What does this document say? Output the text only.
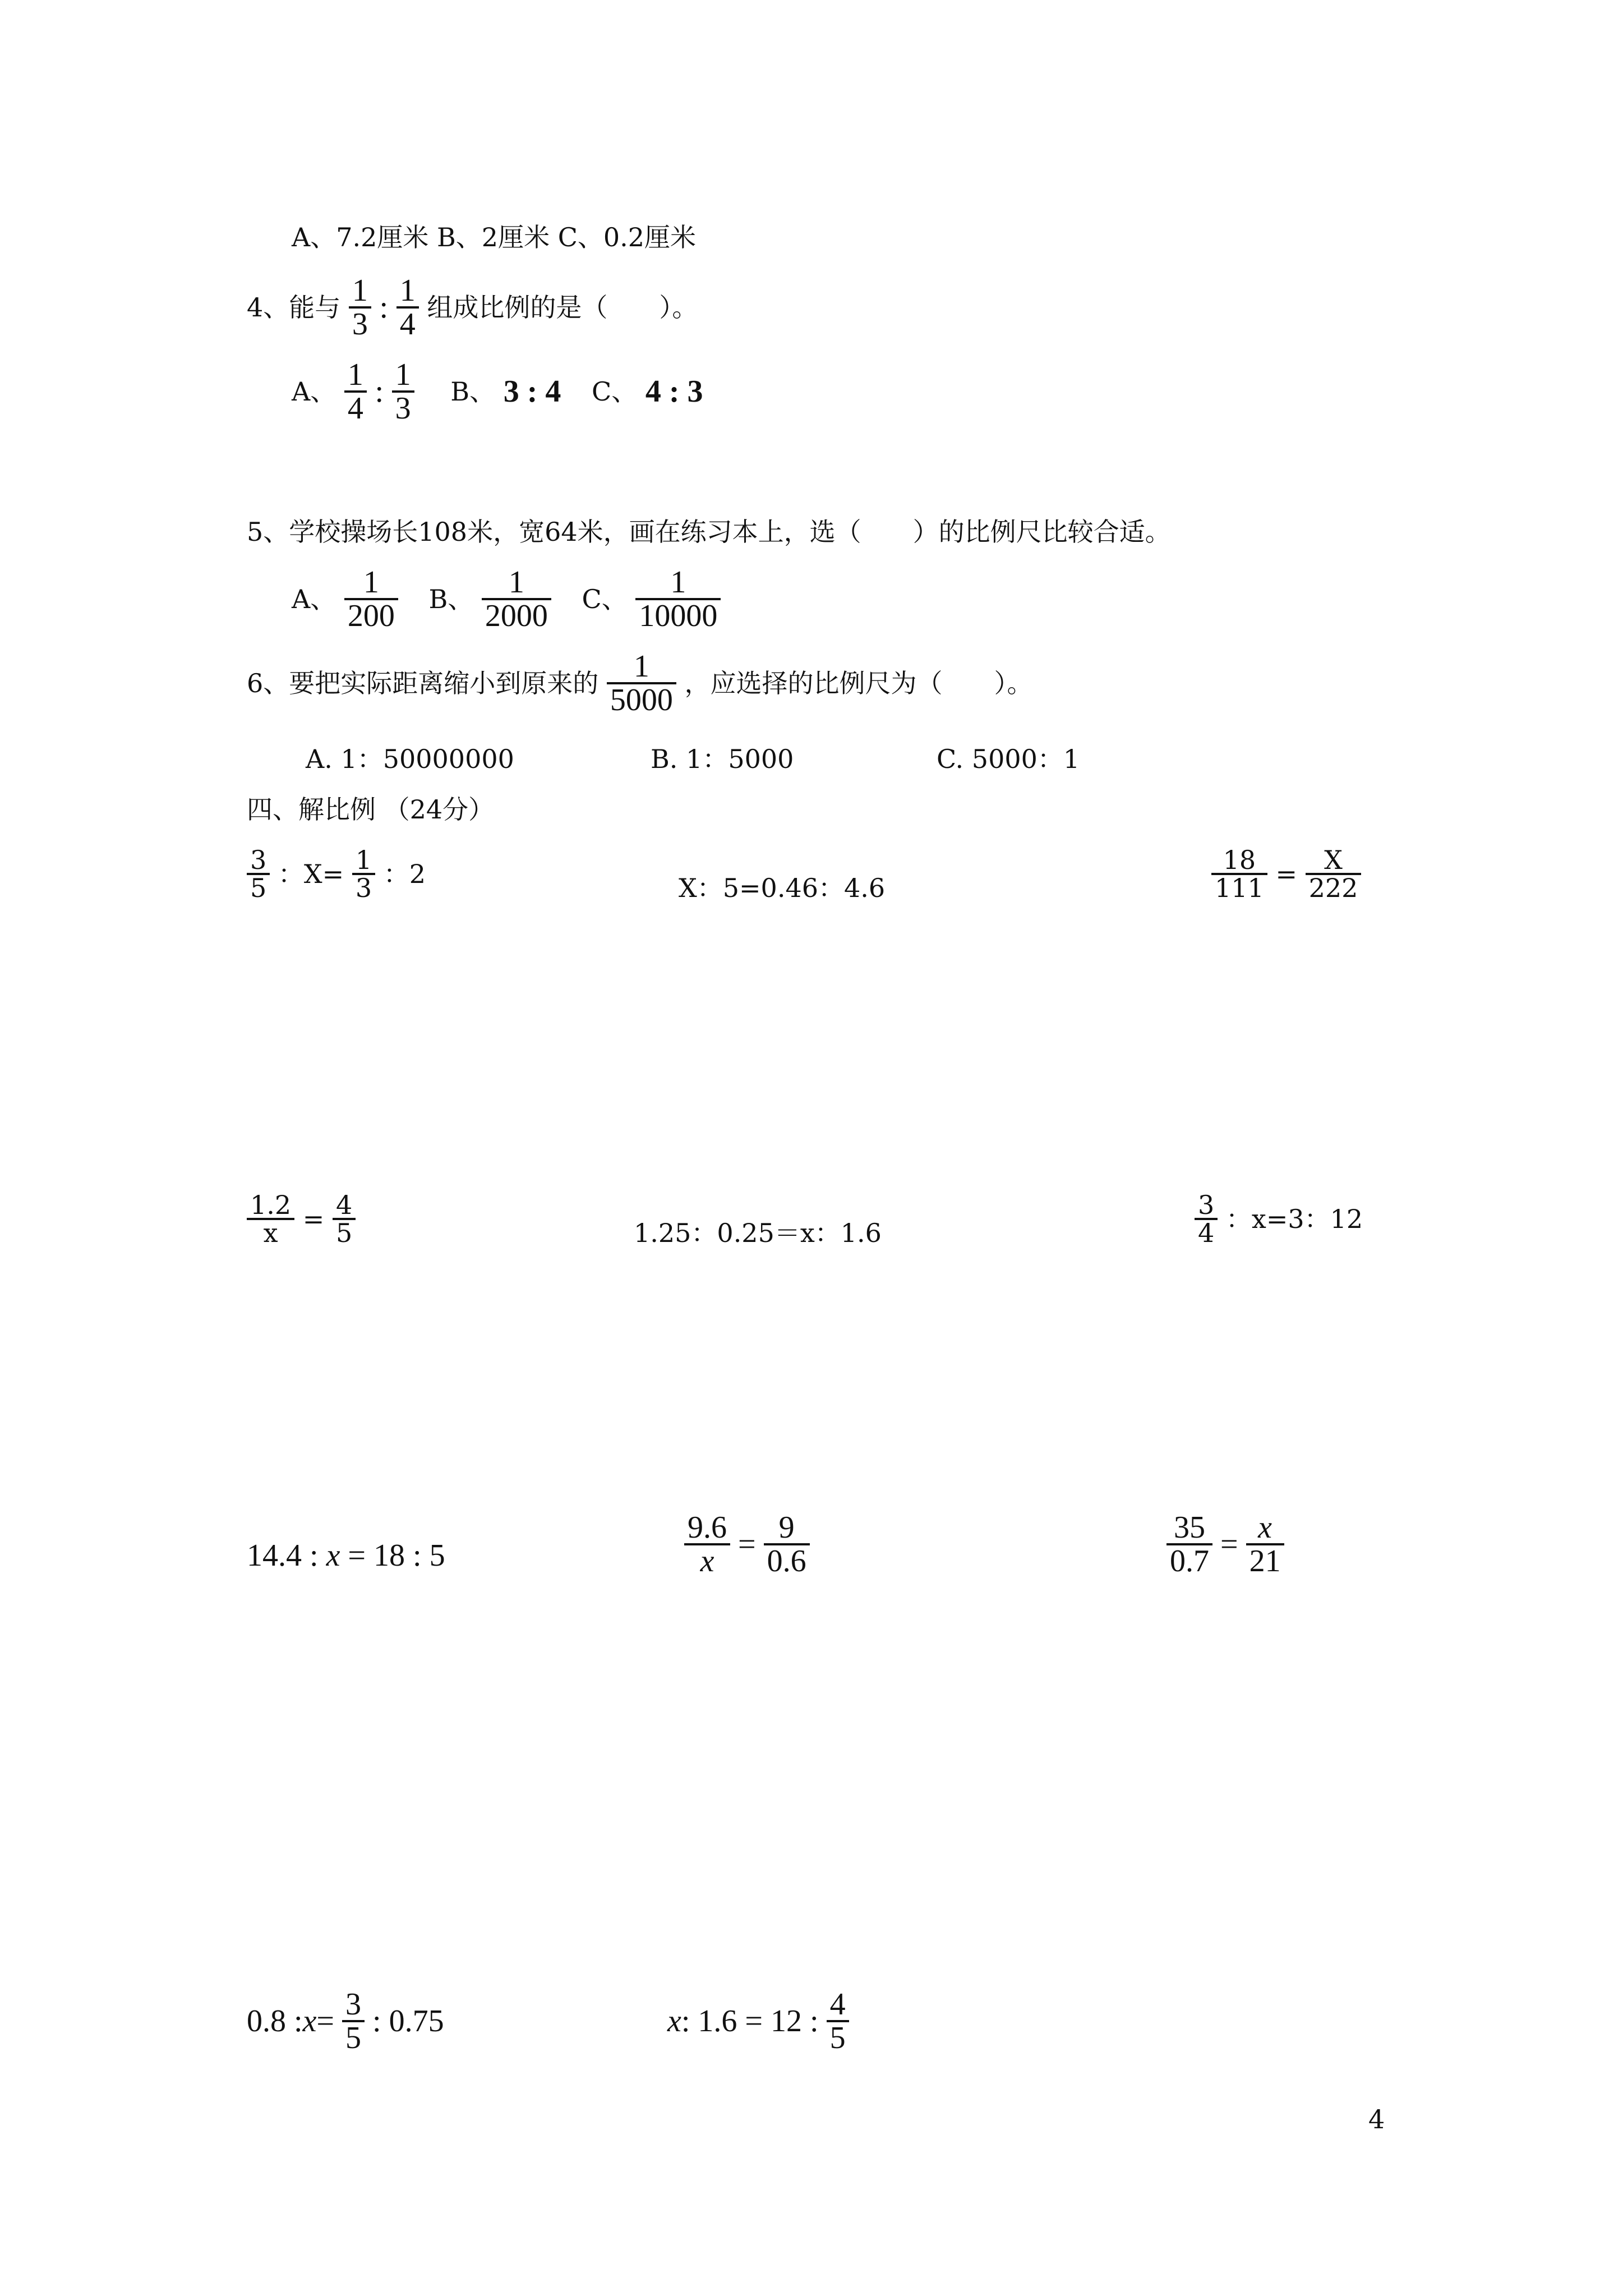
A、7.2厘米 B、2厘米 C、0.2厘米
4、能与 $\frac{1}{3}$ : $\frac{1}{4}$ 组成比例的是（　　）。
A、 $\frac{1}{4}$ : $\frac{1}{3}$ B、 3 : 4 C、 4 : 3
5、学校操场长108米，宽64米，画在练习本上，选（　　）的比例尺比较合适。
A、 $\frac{1}{200}$ B、 $\frac{1}{2000}$ C、 $\frac{1}{10000}$
6、要把实际距离缩小到原来的 $\frac{1}{5000}$ ，应选择的比例尺为（　　）。
A. 1：50000000	B. 1：5000	C. 5000：1
四、解比例 （24分）
$\frac{3}{5}$ ：$X= \frac{1}{3}$ ：2	X：5=0.46：4.6	$\frac{18}{111} = \frac{X}{222}$
$\frac{1.2}{x} = \frac{4}{5}$	1.25：0.25＝x：1.6	$\frac{3}{4}$ ：x=3：12
14.4 : x = 18 : 5	$\frac{9.6}{x} = \frac{9}{0.6}$	$\frac{35}{0.7} = \frac{x}{21}$
0.8 :x= $\frac{3}{5}$ : 0.75	x: 1.6 = 12 : $\frac{4}{5}$
4
